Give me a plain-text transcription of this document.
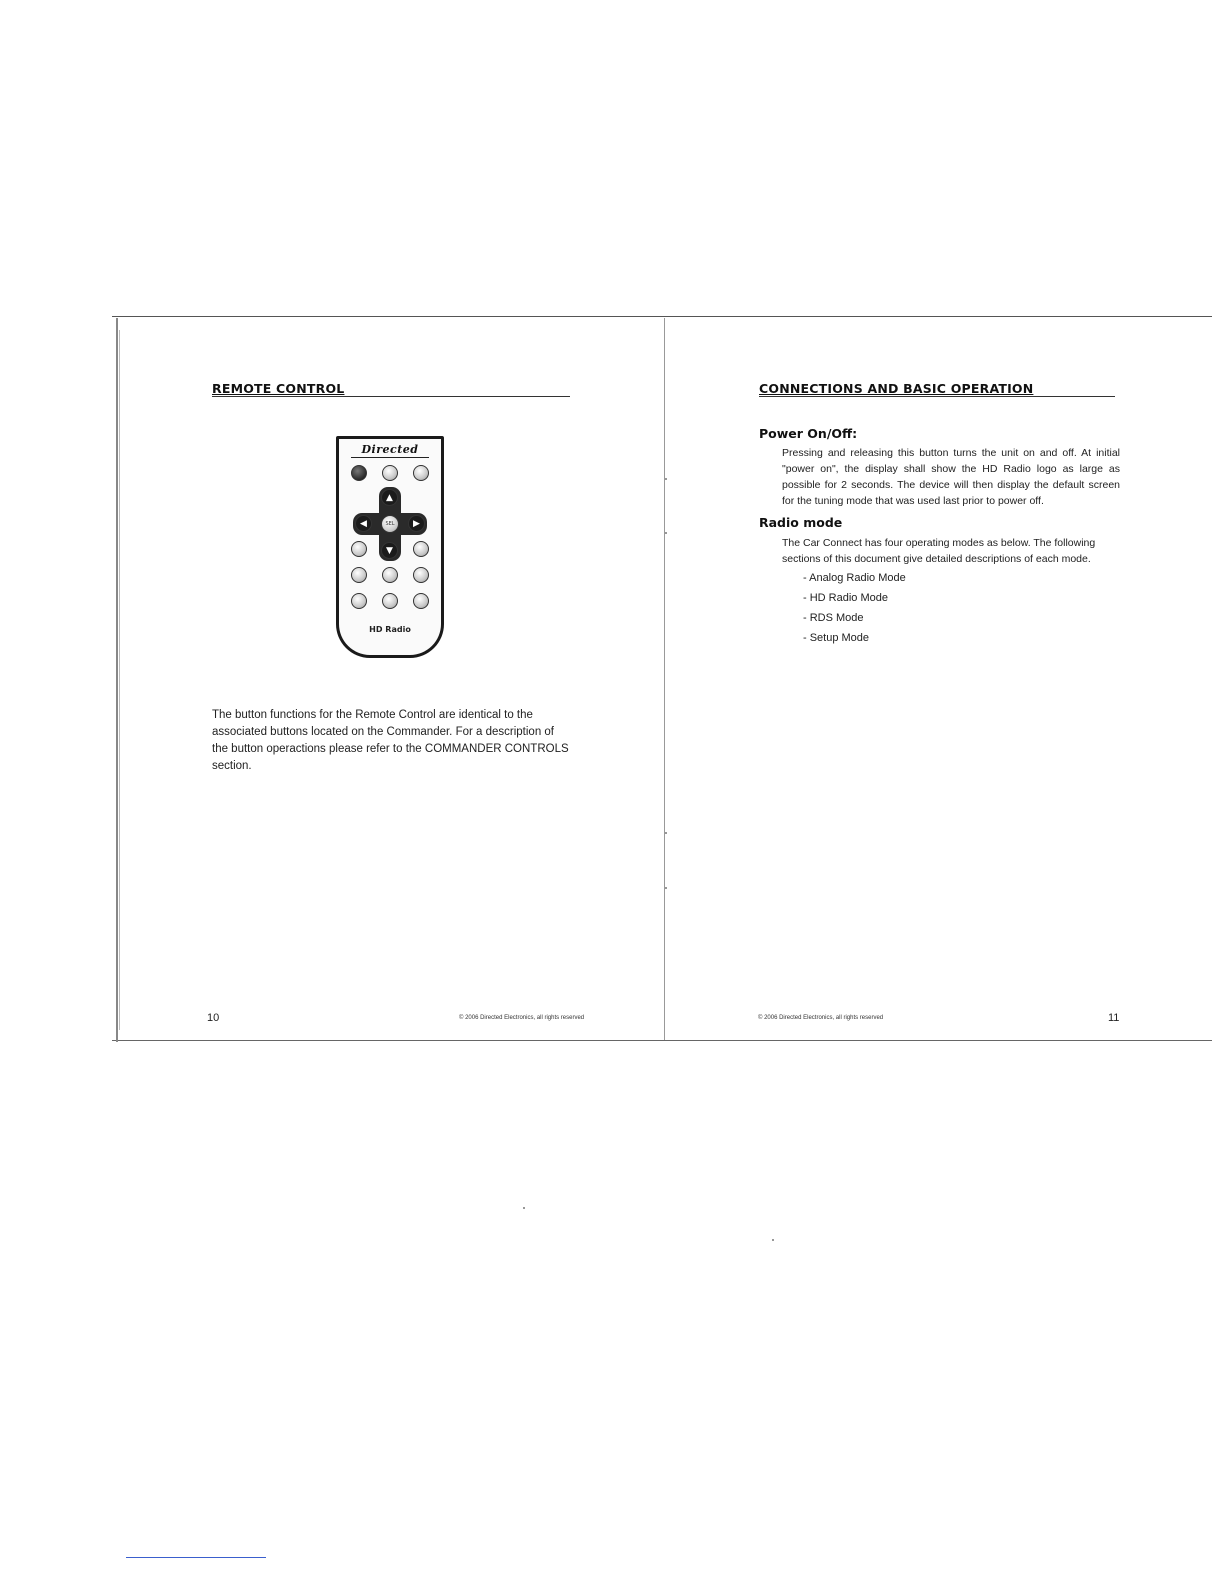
REMOTE CONTROL
Directed
▲
▼
◀	▶
SEL
HD Radio
The button functions for the Remote Control are identical to the associated buttons located on the Commander. For a description of the button operactions please refer to the COMMANDER CONTROLS section.
10	© 2006 Directed Electronics, all rights reserved
CONNECTIONS AND BASIC OPERATION
Power On/Off:
Pressing and releasing this button turns the unit on and off. At initial "power on", the display shall show the HD Radio logo as large as possible for 2 seconds. The device will then display the default screen for the tuning mode that was used last prior to power off.
Radio mode
The Car Connect has four operating modes as below. The following sections of this document give detailed descriptions of each mode.
- Analog Radio Mode
- HD Radio Mode
- RDS Mode
- Setup Mode
© 2006 Directed Electronics, all rights reserved	11
